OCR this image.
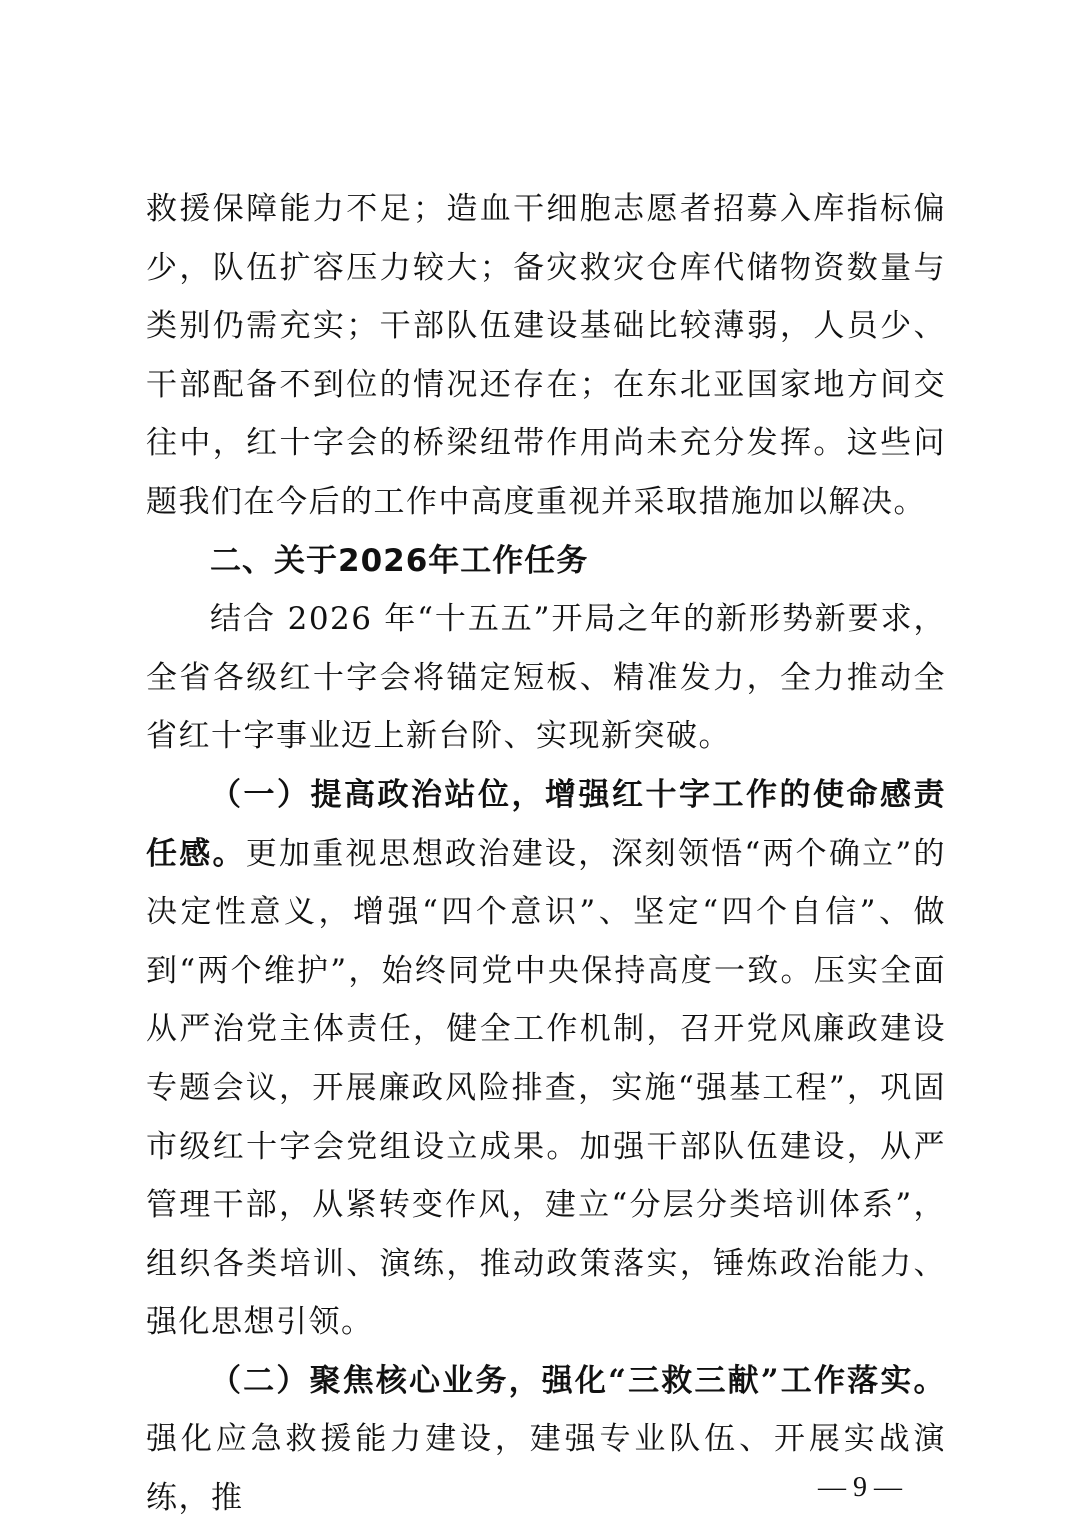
救援保障能力不足；造血干细胞志愿者招募入库指标偏少，队伍扩容压力较大；备灾救灾仓库代储物资数量与类别仍需充实；干部队伍建设基础比较薄弱，人员少、干部配备不到位的情况还存在；在东北亚国家地方间交往中，红十字会的桥梁纽带作用尚未充分发挥。这些问题我们在今后的工作中高度重视并采取措施加以解决。

二、关于2026年工作任务

结合 2026 年“十五五”开局之年的新形势新要求，全省各级红十字会将锚定短板、精准发力，全力推动全省红十字事业迈上新台阶、实现新突破。

（一）提高政治站位，增强红十字工作的使命感责任感。更加重视思想政治建设，深刻领悟“两个确立”的决定性意义，增强“四个意识”、坚定“四个自信”、做到“两个维护”，始终同党中央保持高度一致。压实全面从严治党主体责任，健全工作机制，召开党风廉政建设专题会议，开展廉政风险排查，实施“强基工程”，巩固市级红十字会党组设立成果。加强干部队伍建设，从严管理干部，从紧转变作风，建立“分层分类培训体系”，组织各类培训、演练，推动政策落实，锤炼政治能力、强化思想引领。

（二）聚焦核心业务，强化“三救三献”工作落实。强化应急救援能力建设，建强专业队伍、开展实战演练，推	— 9 —
